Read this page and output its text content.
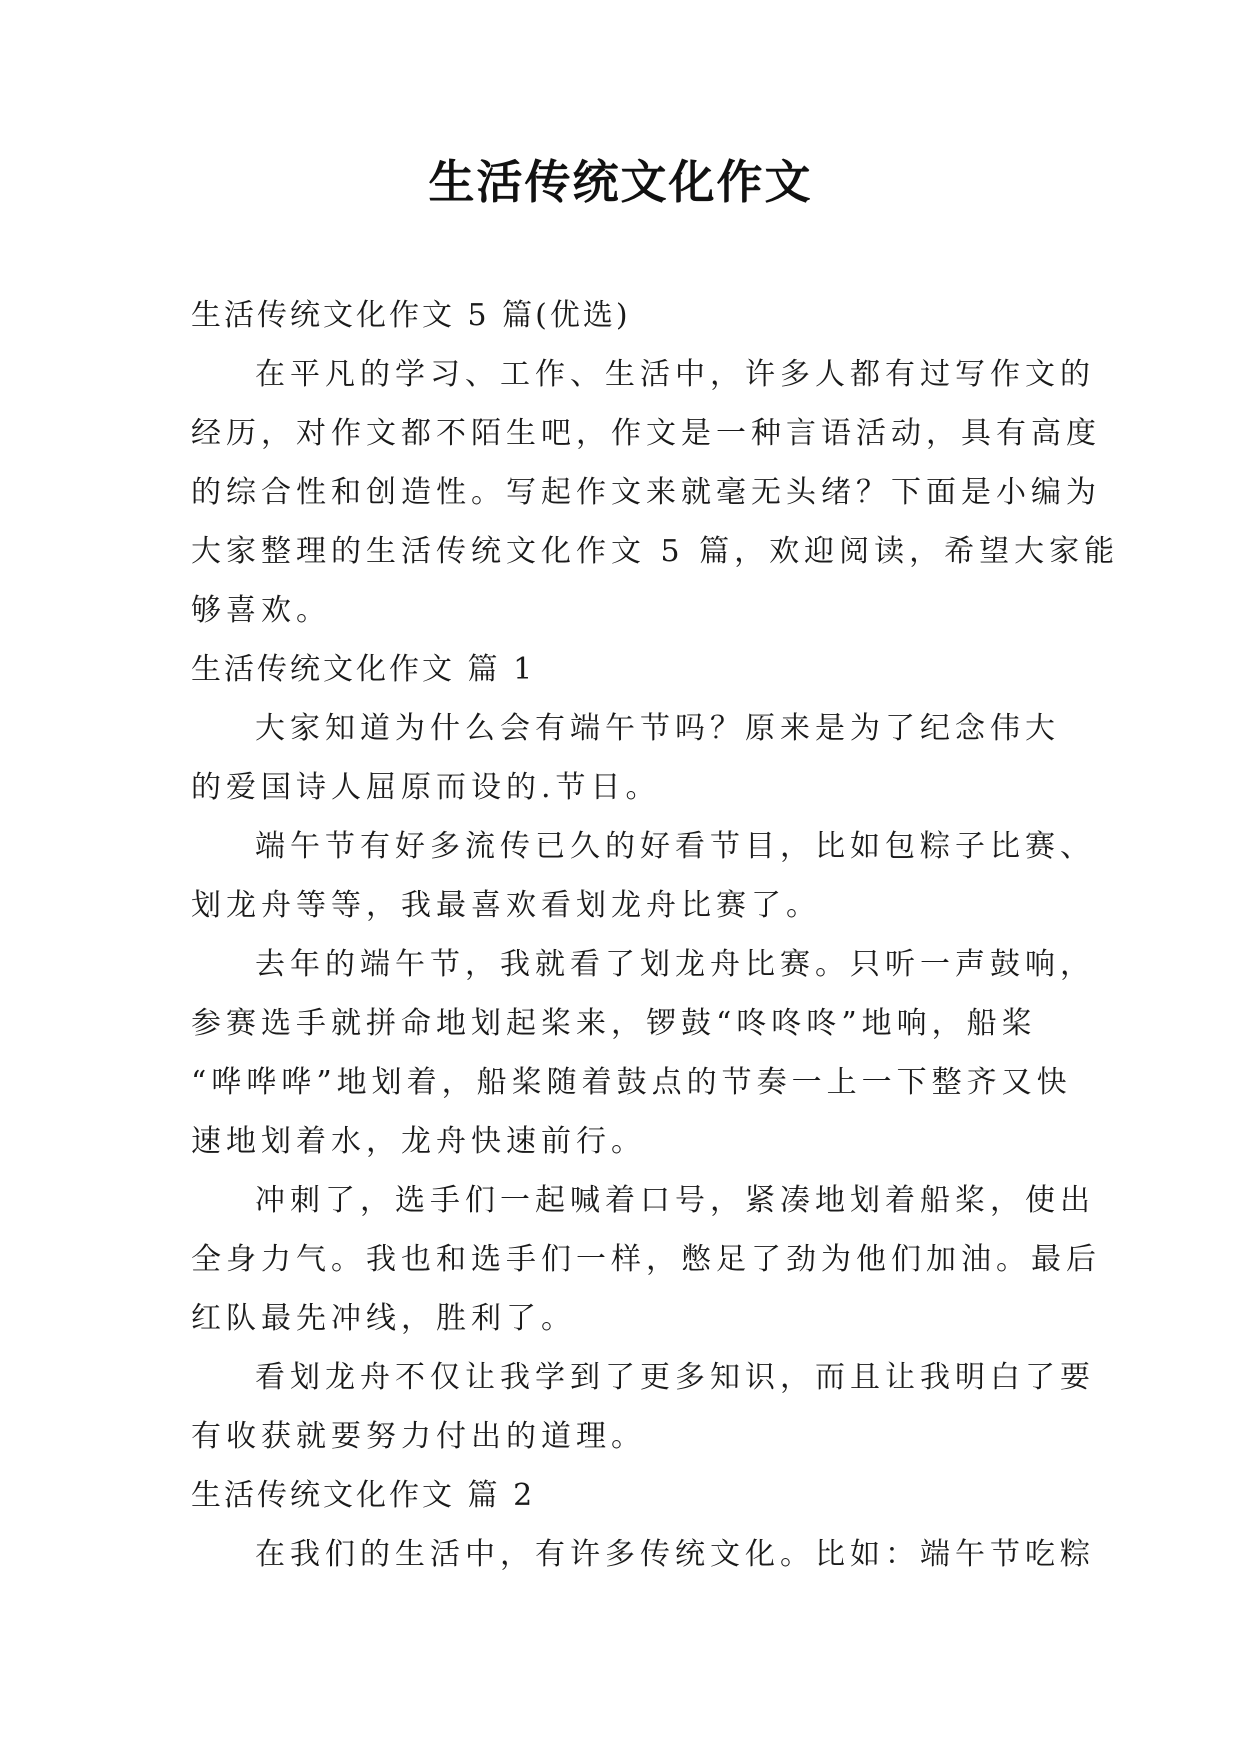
生活传统文化作文
生活传统文化作文 5 篇(优选)
在平凡的学习、工作、生活中，许多人都有过写作文的
经历，对作文都不陌生吧，作文是一种言语活动，具有高度
的综合性和创造性。写起作文来就毫无头绪？下面是小编为
大家整理的生活传统文化作文 5 篇，欢迎阅读，希望大家能
够喜欢。
生活传统文化作文 篇 1
大家知道为什么会有端午节吗？原来是为了纪念伟大
的爱国诗人屈原而设的.节日。
端午节有好多流传已久的好看节目，比如包粽子比赛、
划龙舟等等，我最喜欢看划龙舟比赛了。
去年的端午节，我就看了划龙舟比赛。只听一声鼓响，
参赛选手就拼命地划起桨来，锣鼓“咚咚咚”地响，船桨
“哗哗哗”地划着，船桨随着鼓点的节奏一上一下整齐又快
速地划着水，龙舟快速前行。
冲刺了，选手们一起喊着口号，紧凑地划着船桨，使出
全身力气。我也和选手们一样，憋足了劲为他们加油。最后
红队最先冲线，胜利了。
看划龙舟不仅让我学到了更多知识，而且让我明白了要
有收获就要努力付出的道理。
生活传统文化作文 篇 2
在我们的生活中，有许多传统文化。比如：端午节吃粽
